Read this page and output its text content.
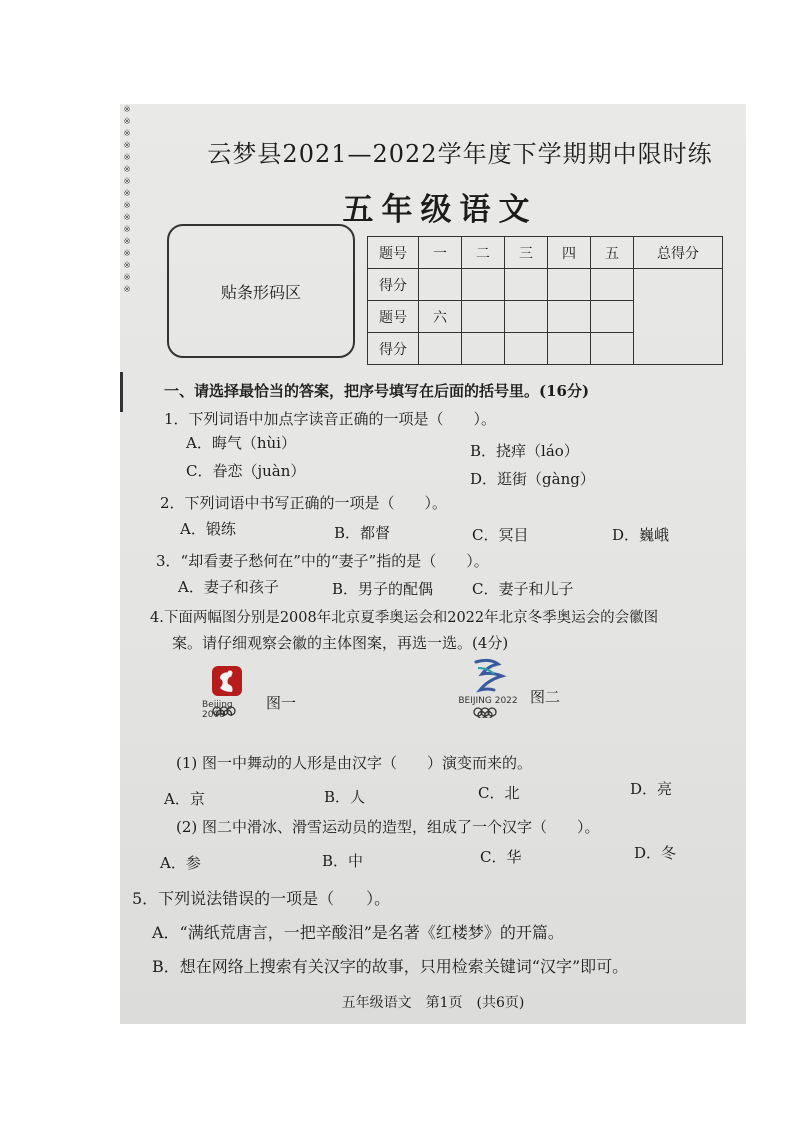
※※※※※※※※※※※※※※※※
云梦县2021—2022学年度下学期期中限时练
五年级语文
贴条形码区
题号	一	二	三	四	五	总得分
得分						
题号	六					
得分						
一、请选择最恰当的答案，把序号填写在后面的括号里。(16分)
1．下列词语中加点字读音正确的一项是（　　）。
A．晦气（hùi）	B．挠痒（láo）
C．眷恋（juàn）	D．逛街（gàng）
2．下列词语中书写正确的一项是（　　）。
A．锻练	B．都督	C．冥目	D．巍峨
3．“却看妻子愁何在”中的“妻子”指的是（　　）。
A．妻子和孩子	B．男子的配偶	C．妻子和儿子
4.下面两幅图分别是2008年北京夏季奥运会和2022年北京冬季奥运会的会徽图
案。请仔细观察会徽的主体图案，再选一选。(4分)
Beijing 2008
图一	BEIJING 2022 图二
(1) 图一中舞动的人形是由汉字（　　）演变而来的。
A．京	B．人	C．北	D．亮
(2) 图二中滑冰、滑雪运动员的造型，组成了一个汉字（　　）。
A．参	B．中	C．华	D．冬
5．下列说法错误的一项是（　　）。
A．“满纸荒唐言，一把辛酸泪”是名著《红楼梦》的开篇。
B．想在网络上搜索有关汉字的故事，只用检索关键词“汉字”即可。
五年级语文　第1页　(共6页)
